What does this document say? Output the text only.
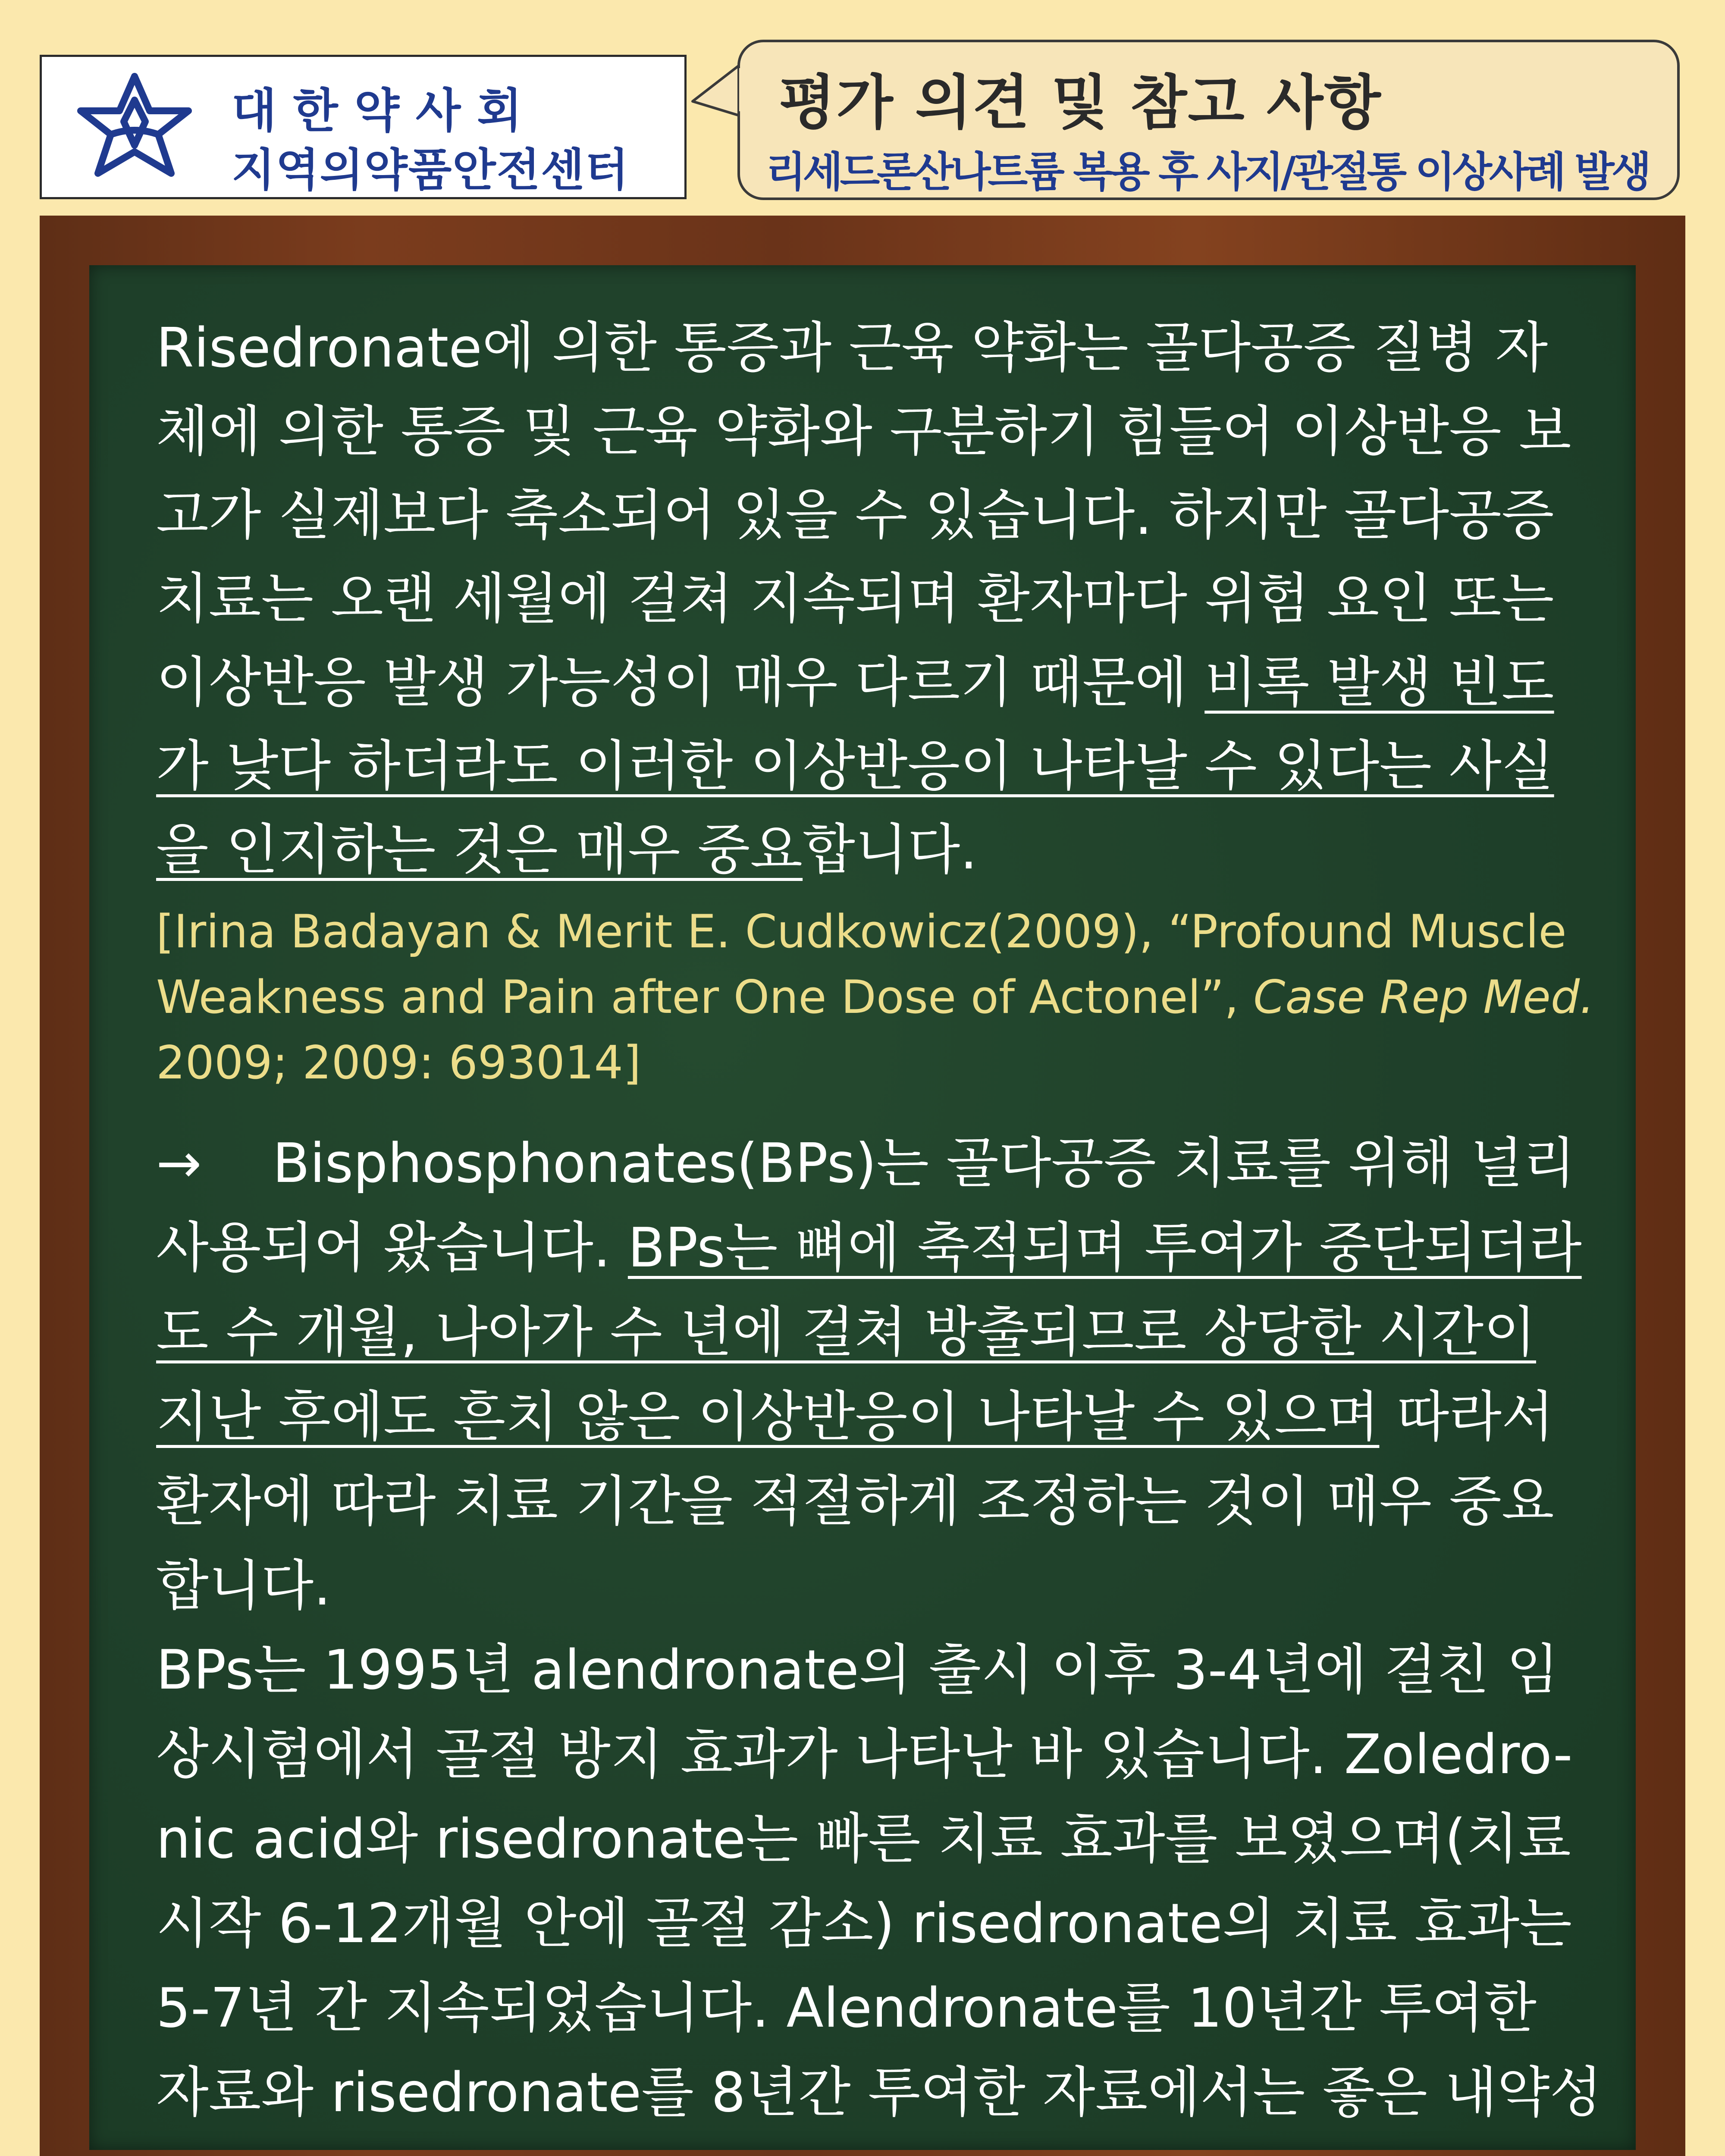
대한약사회
지역의약품안전센터
평가 의견 및 참고 사항
리세드론산나트륨 복용 후 사지/관절통 이상사례 발생
Risedronate에 의한 통증과 근육 약화는 골다공증 질병 자
체에 의한 통증 및 근육 약화와 구분하기 힘들어 이상반응 보
고가 실제보다 축소되어 있을 수 있습니다. 하지만 골다공증
치료는 오랜 세월에 걸쳐 지속되며 환자마다 위험 요인 또는
이상반응 발생 가능성이 매우 다르기 때문에 비록 발생 빈도
가 낮다 하더라도 이러한 이상반응이 나타날 수 있다는 사실
을 인지하는 것은 매우 중요합니다.
[Irina Badayan & Merit E. Cudkowicz(2009), “Profound Muscle
Weakness and Pain after One Dose of Actonel”, Case Rep Med.
2009; 2009: 693014]
→ Bisphosphonates(BPs)는 골다공증 치료를 위해 널리
사용되어 왔습니다. BPs는 뼈에 축적되며 투여가 중단되더라
도 수 개월, 나아가 수 년에 걸쳐 방출되므로 상당한 시간이
지난 후에도 흔치 않은 이상반응이 나타날 수 있으며 따라서
환자에 따라 치료 기간을 적절하게 조정하는 것이 매우 중요
합니다.
BPs는 1995년 alendronate의 출시 이후 3-4년에 걸친 임
상시험에서 골절 방지 효과가 나타난 바 있습니다. Zoledro-
nic acid와 risedronate는 빠른 치료 효과를 보였으며(치료
시작 6-12개월 안에 골절 감소) risedronate의 치료 효과는
5-7년 간 지속되었습니다. Alendronate를 10년간 투여한
자료와 risedronate를 8년간 투여한 자료에서는 좋은 내약성
